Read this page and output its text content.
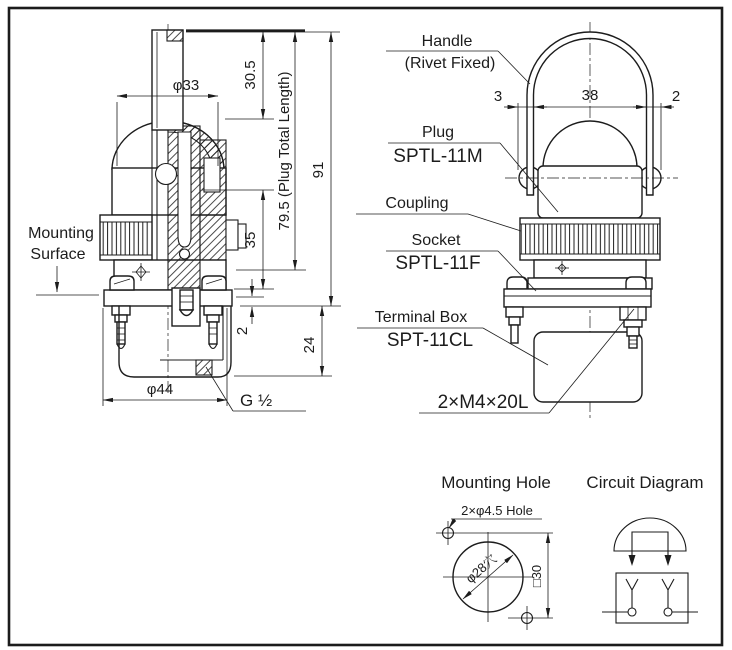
φ33	30.5
35
79.5 (Plug Total Length) 91
2
24
φ44
G ½
Mounting
Surface
3	38	2
Handle
(Rivet Fixed)
Plug
SPTL-11M
Coupling
Socket
SPTL-11F
Terminal Box
SPT-11CL
2×M4×20L
Mounting Hole
2×φ4.5 Hole
φ28穴 □30
Circuit Diagram
